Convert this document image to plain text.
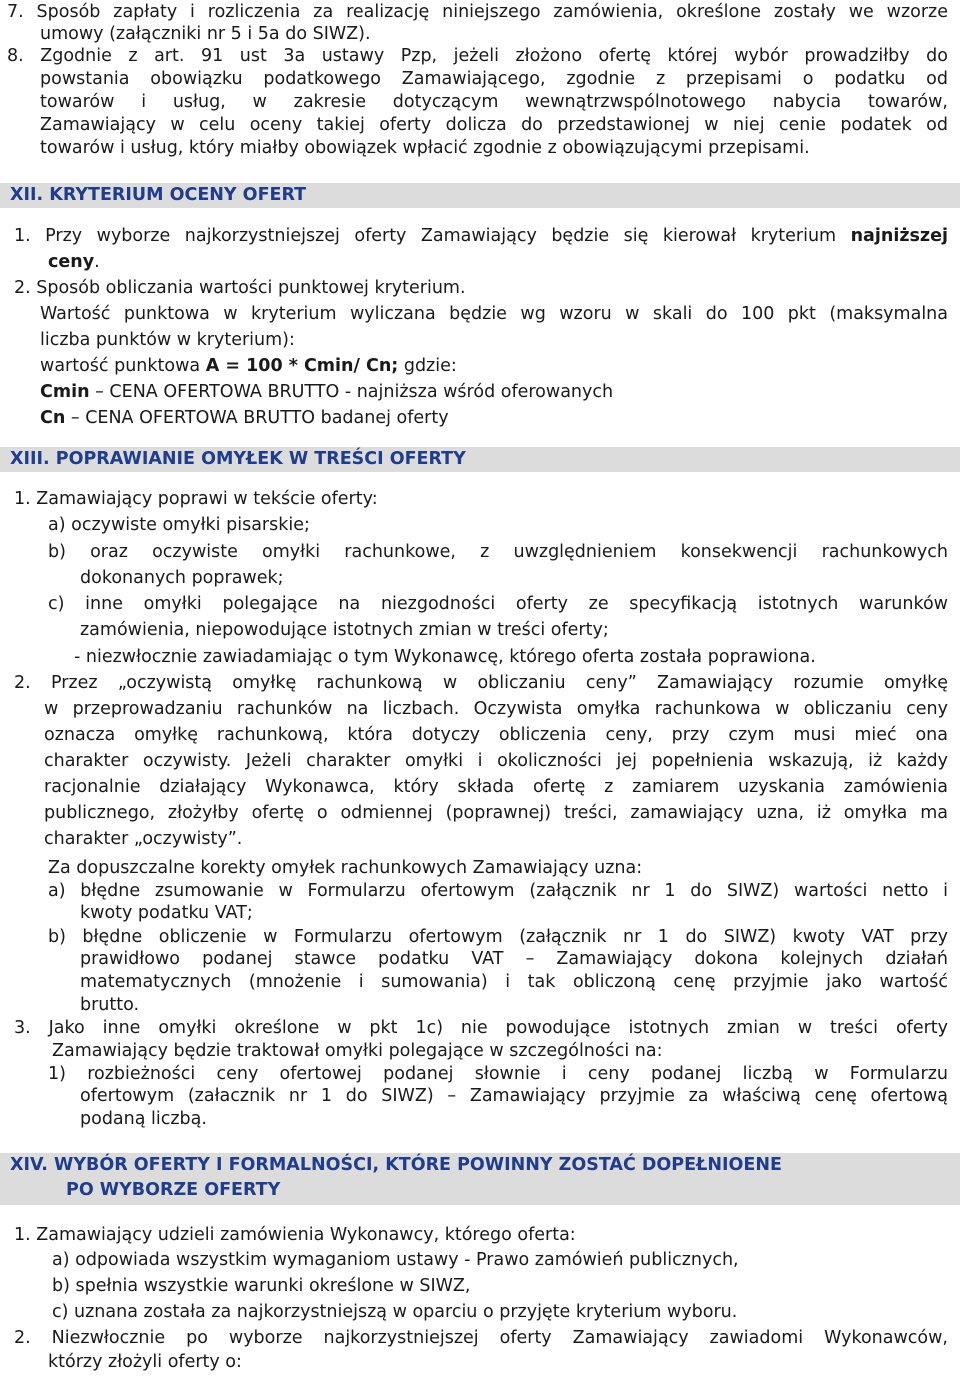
7. Sposób zapłaty i rozliczenia za realizację niniejszego zamówienia, określone zostały we wzorze
umowy (załączniki nr 5 i 5a do SIWZ).
8. Zgodnie z art. 91 ust 3a ustawy Pzp, jeżeli złożono ofertę której wybór prowadziłby do
powstania obowiązku podatkowego Zamawiającego, zgodnie z przepisami o podatku od
towarów i usług, w zakresie dotyczącym wewnątrzwspólnotowego nabycia towarów,
Zamawiający w celu oceny takiej oferty dolicza do przedstawionej w niej cenie podatek od
towarów i usług, który miałby obowiązek wpłacić zgodnie z obowiązującymi przepisami.
XII. KRYTERIUM OCENY OFERT
1. Przy wyborze najkorzystniejszej oferty Zamawiający będzie się kierował kryterium najniższej
ceny.
2. Sposób obliczania wartości punktowej kryterium.
Wartość punktowa w kryterium wyliczana będzie wg wzoru w skali do 100 pkt (maksymalna
liczba punktów w kryterium):
wartość punktowa A = 100 * Cmin/ Cn; gdzie:
Cmin – CENA OFERTOWA BRUTTO - najniższa wśród oferowanych
Cn – CENA OFERTOWA BRUTTO badanej oferty
XIII. POPRAWIANIE OMYŁEK W TREŚCI OFERTY
1. Zamawiający poprawi w tekście oferty:
a) oczywiste omyłki pisarskie;
b) oraz oczywiste omyłki rachunkowe, z uwzględnieniem konsekwencji rachunkowych
dokonanych poprawek;
c) inne omyłki polegające na niezgodności oferty ze specyfikacją istotnych warunków
zamówienia, niepowodujące istotnych zmian w treści oferty;
- niezwłocznie zawiadamiając o tym Wykonawcę, którego oferta została poprawiona.
2. Przez „oczywistą omyłkę rachunkową w obliczaniu ceny” Zamawiający rozumie omyłkę
w przeprowadzaniu rachunków na liczbach. Oczywista omyłka rachunkowa w obliczaniu ceny
oznacza omyłkę rachunkową, która dotyczy obliczenia ceny, przy czym musi mieć ona
charakter oczywisty. Jeżeli charakter omyłki i okoliczności jej popełnienia wskazują, iż każdy
racjonalnie działający Wykonawca, który składa ofertę z zamiarem uzyskania zamówienia
publicznego, złożyłby ofertę o odmiennej (poprawnej) treści, zamawiający uzna, iż omyłka ma
charakter „oczywisty”.
Za dopuszczalne korekty omyłek rachunkowych Zamawiający uzna:
a) błędne zsumowanie w Formularzu ofertowym (załącznik nr 1 do SIWZ) wartości netto i
kwoty podatku VAT;
b) błędne obliczenie w Formularzu ofertowym (załącznik nr 1 do SIWZ) kwoty VAT przy
prawidłowo podanej stawce podatku VAT – Zamawiający dokona kolejnych działań
matematycznych (mnożenie i sumowania) i tak obliczoną cenę przyjmie jako wartość
brutto.
3. Jako inne omyłki określone w pkt 1c) nie powodujące istotnych zmian w treści oferty
Zamawiający będzie traktował omyłki polegające w szczególności na:
1) rozbieżności ceny ofertowej podanej słownie i ceny podanej liczbą w Formularzu
ofertowym (załacznik nr 1 do SIWZ) – Zamawiający przyjmie za właściwą cenę ofertową
podaną liczbą.
XIV. WYBÓR OFERTY I FORMALNOŚCI, KTÓRE POWINNY ZOSTAĆ DOPEŁNIOENE
PO WYBORZE OFERTY
1. Zamawiający udzieli zamówienia Wykonawcy, którego oferta:
a) odpowiada wszystkim wymaganiom ustawy - Prawo zamówień publicznych,
b) spełnia wszystkie warunki określone w SIWZ,
c) uznana została za najkorzystniejszą w oparciu o przyjęte kryterium wyboru.
2. Niezwłocznie po wyborze najkorzystniejszej oferty Zamawiający zawiadomi Wykonawców,
którzy złożyli oferty o:
